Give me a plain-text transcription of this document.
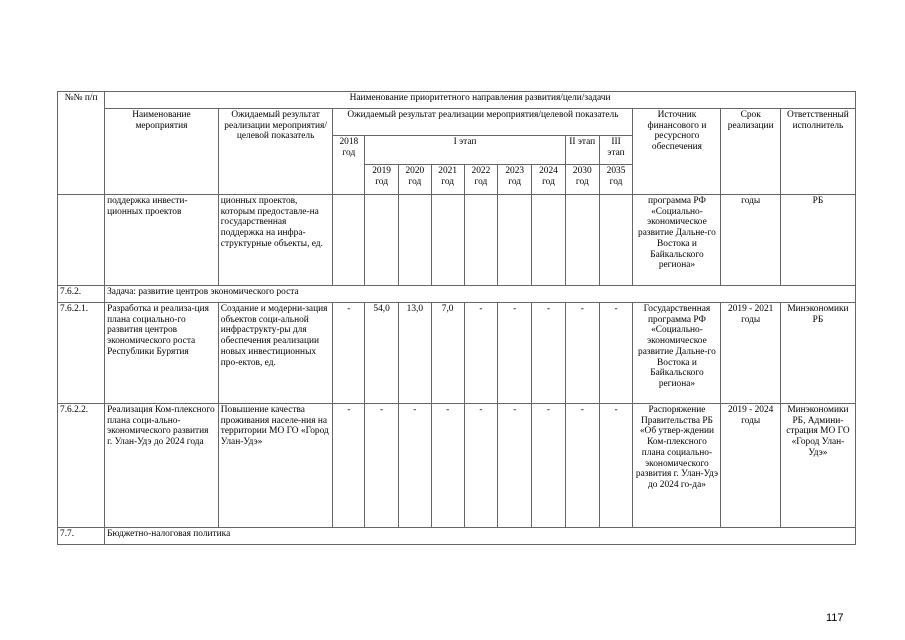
№№ п/п	Наименование приоритетного направления развития/цели/задачи													
	Наименование мероприятия	Ожидаемый результат реализации мероприятия/целевой показатель	Ожидаемый результат реализации мероприятия/целевой показатель									Источник финансового и ресурсного обеспечения	Срок реализации	Ответственный исполнитель
			2018 год	I этап						II этап	III этап			
				2019 год	2020 год	2021 год	2022 год	2023 год	2024 год	2030 год	2035 год			
	поддержка инвести-ционных проектов	ционных проектов, которым предоставле-на государственная поддержка на инфра-структурные объекты, ед.										программа РФ «Социально-экономическое развитие Дальне-го Востока и Байкальского региона»	годы	РБ
7.6.2.	Задача: развитие центров экономического роста													
7.6.2.1.	Разработка и реализа-ция плана социально-го развития центров экономического роста Республики Бурятия	Создание и модерни-зация объектов соци-альной инфраструкту-ры для обеспечения реализации новых инвестиционных про-ектов, ед.	-	54,0	13,0	7,0	-	-	-	-	-	Государственная программа РФ «Социально-экономическое развитие Дальне-го Востока и Байкальского региона»	2019 - 2021 годы	Минэкономики РБ
7.6.2.2.	Реализация Ком-плексного плана соци-ально-экономического развития г. Улан-Удэ до 2024 года	Повышение качества проживания населе-ния на территории МО ГО «Город Улан-Удэ»	-	-	-	-	-	-	-	-	-	Распоряжение Правительства РБ «Об утвер-ждении Ком-плексного плана социально-экономического развития г. Улан-Удэ до 2024 го-да»	2019 - 2024 годы	Минэкономики РБ, Админи-страция МО ГО «Город Улан-Удэ»
7.7.	Бюджетно-налоговая политика													
117
